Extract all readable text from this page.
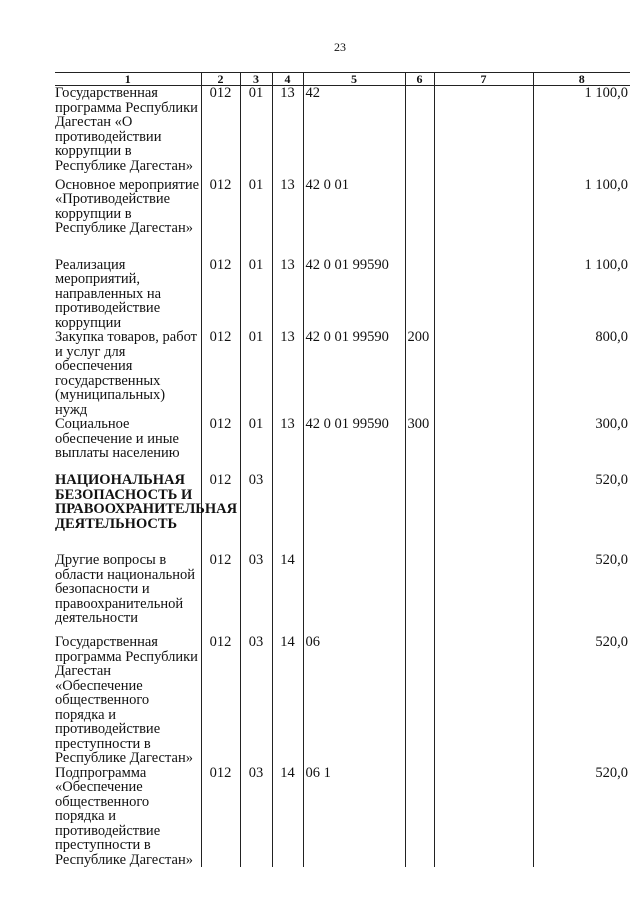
23
1	2	3	4	5	6	7	8
Государственная программа Республики Дагестан «О противодействии коррупции в Республике Дагестан»	012	01	13	42			1 100,0
Основное мероприятие «Противодействие коррупции в Республике Дагестан»	012	01	13	42 0 01			1 100,0
Реализация мероприятий, направленных на противодействие коррупции	012	01	13	42 0 01 99590			1 100,0
Закупка товаров, работ и услуг для обеспечения государственных (муниципальных) нужд	012	01	13	42 0 01 99590	200		800,0
Социальное обеспечение и иные выплаты населению	012	01	13	42 0 01 99590	300		300,0
НАЦИОНАЛЬНАЯ БЕЗОПАСНОСТЬ И ПРАВООХРАНИТЕЛЬНАЯ ДЕЯТЕЛЬНОСТЬ	012	03					520,0
Другие вопросы в области национальной безопасности и правоохранительной деятельности	012	03	14				520,0
Государственная программа Республики Дагестан «Обеспечение общественного порядка и противодействие преступности в Республике Дагестан»	012	03	14	06			520,0
Подпрограмма «Обеспечение общественного порядка и противодействие преступности в Республике Дагестан»	012	03	14	06 1			520,0
